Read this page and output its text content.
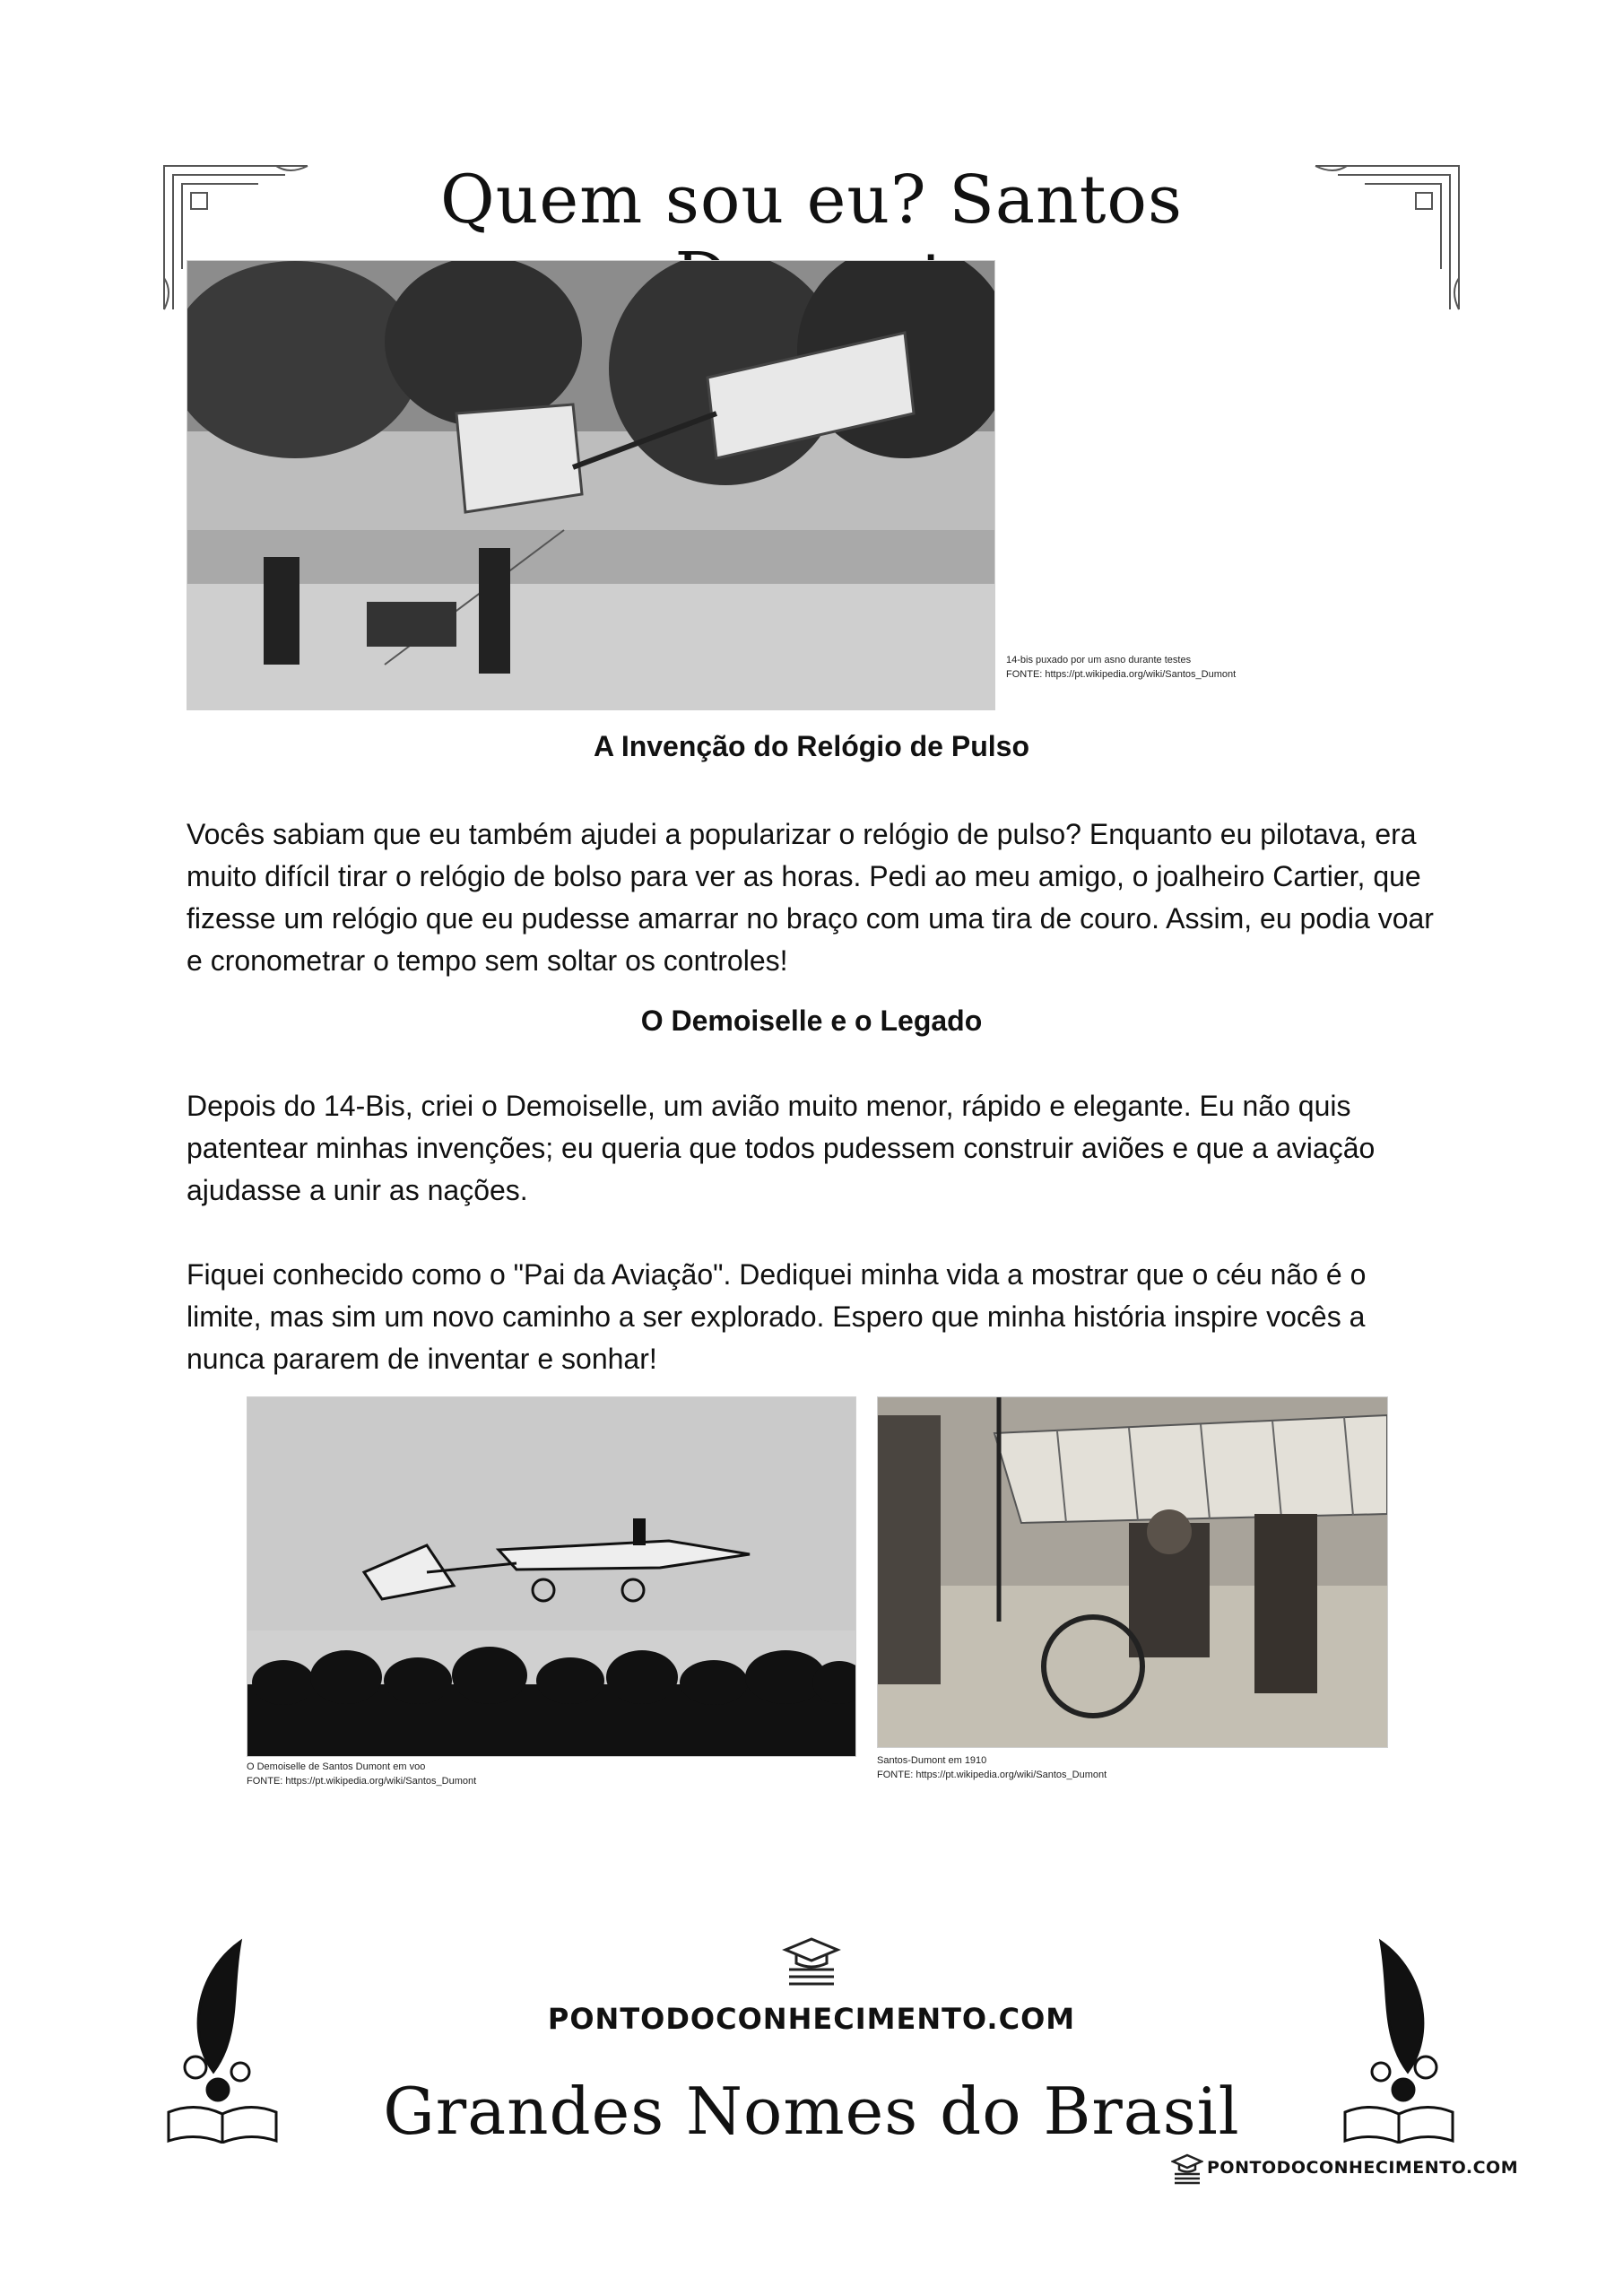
Quem sou eu? Santos
14-bis puxado por um asno durante testes
FONTE: https://pt.wikipedia.org/wiki/Santos_Dumont
A Invenção do Relógio de Pulso
Vocês sabiam que eu também ajudei a popularizar o relógio de pulso? Enquanto eu pilotava, era muito difícil tirar o relógio de bolso para ver as horas. Pedi ao meu amigo, o joalheiro Cartier, que fizesse um relógio que eu pudesse amarrar no braço com uma tira de couro. Assim, eu podia voar e cronometrar o tempo sem soltar os controles!
O Demoiselle e o Legado
Depois do 14-Bis, criei o Demoiselle, um avião muito menor, rápido e elegante. Eu não quis patentear minhas invenções; eu queria que todos pudessem construir aviões e que a aviação ajudasse a unir as nações.
Fiquei conhecido como o "Pai da Aviação". Dediquei minha vida a mostrar que o céu não é o limite, mas sim um novo caminho a ser explorado. Espero que minha história inspire vocês a nunca pararem de inventar e sonhar!
O Demoiselle de Santos Dumont em voo
FONTE: https://pt.wikipedia.org/wiki/Santos_Dumont
Santos-Dumont em 1910
FONTE: https://pt.wikipedia.org/wiki/Santos_Dumont
PONTODOCONHECIMENTO.COM
Grandes Nomes do Brasil
PONTODOCONHECIMENTO.COM
